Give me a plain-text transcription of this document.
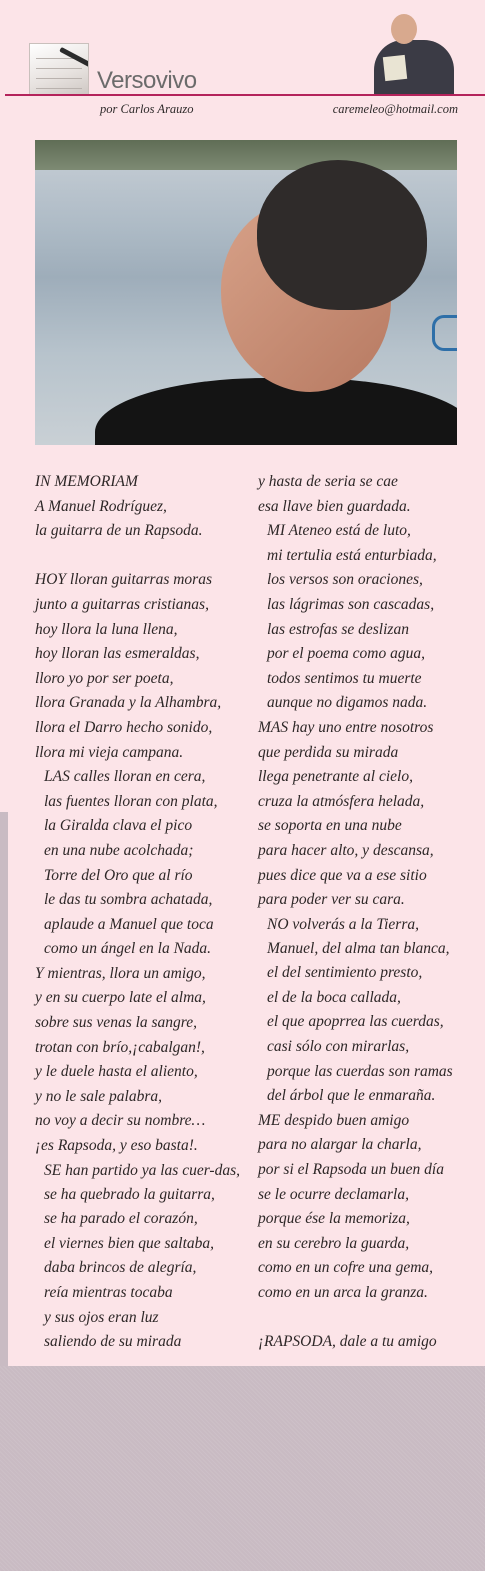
Versovivo
por Carlos Arauzo	caremeleo@hotmail.com
IN MEMORIAM
A Manuel Rodríguez,
la guitarra de un Rapsoda.
HOY lloran guitarras moras
junto a guitarras cristianas,
hoy llora la luna llena,
hoy lloran las esmeraldas,
lloro yo por ser poeta,
llora Granada y la Alhambra,
llora el Darro hecho sonido,
llora mi vieja campana.
LAS calles lloran en cera,
las fuentes lloran con plata,
la Giralda clava el pico
en una nube acolchada;
Torre del Oro que al río
le das tu sombra achatada,
aplaude a Manuel que toca
como un ángel en la Nada.
Y mientras, llora un amigo,
y en su cuerpo late el alma,
sobre sus venas la sangre,
trotan con brío,¡cabalgan!,
y le duele hasta el aliento,
y no le sale palabra,
no voy a decir su nombre…
¡es Rapsoda, y eso basta!.
SE han partido ya las cuer-das,
se ha quebrado la guitarra,
se ha parado el corazón,
el viernes bien que saltaba,
daba brincos de alegría,
reía mientras tocaba
y sus ojos eran luz
saliendo de su mirada
y hasta de seria se cae
esa llave bien guardada.
MI Ateneo está de luto,
mi tertulia está enturbiada,
los versos son oraciones,
las lágrimas son cascadas,
las estrofas se deslizan
por el poema como agua,
todos sentimos tu muerte
aunque no digamos nada.
MAS hay uno entre nosotros
que perdida su mirada
llega penetrante al cielo,
cruza la atmósfera helada,
se soporta en una nube
para hacer alto, y descansa,
pues dice que va a ese sitio
para poder ver su cara.
NO volverás a la Tierra,
Manuel, del alma tan blanca,
el del sentimiento presto,
el de la boca callada,
el que apoprrea las cuerdas,
casi sólo con mirarlas,
porque las cuerdas son ramas
del árbol que le enmaraña.
ME despido buen amigo
para no alargar la charla,
por si el Rapsoda un buen día
se le ocurre declamarla,
porque ése la memoriza,
en su cerebro la guarda,
como en un cofre una gema,
como en un arca la granza.
¡RAPSODA, dale a tu amigo
